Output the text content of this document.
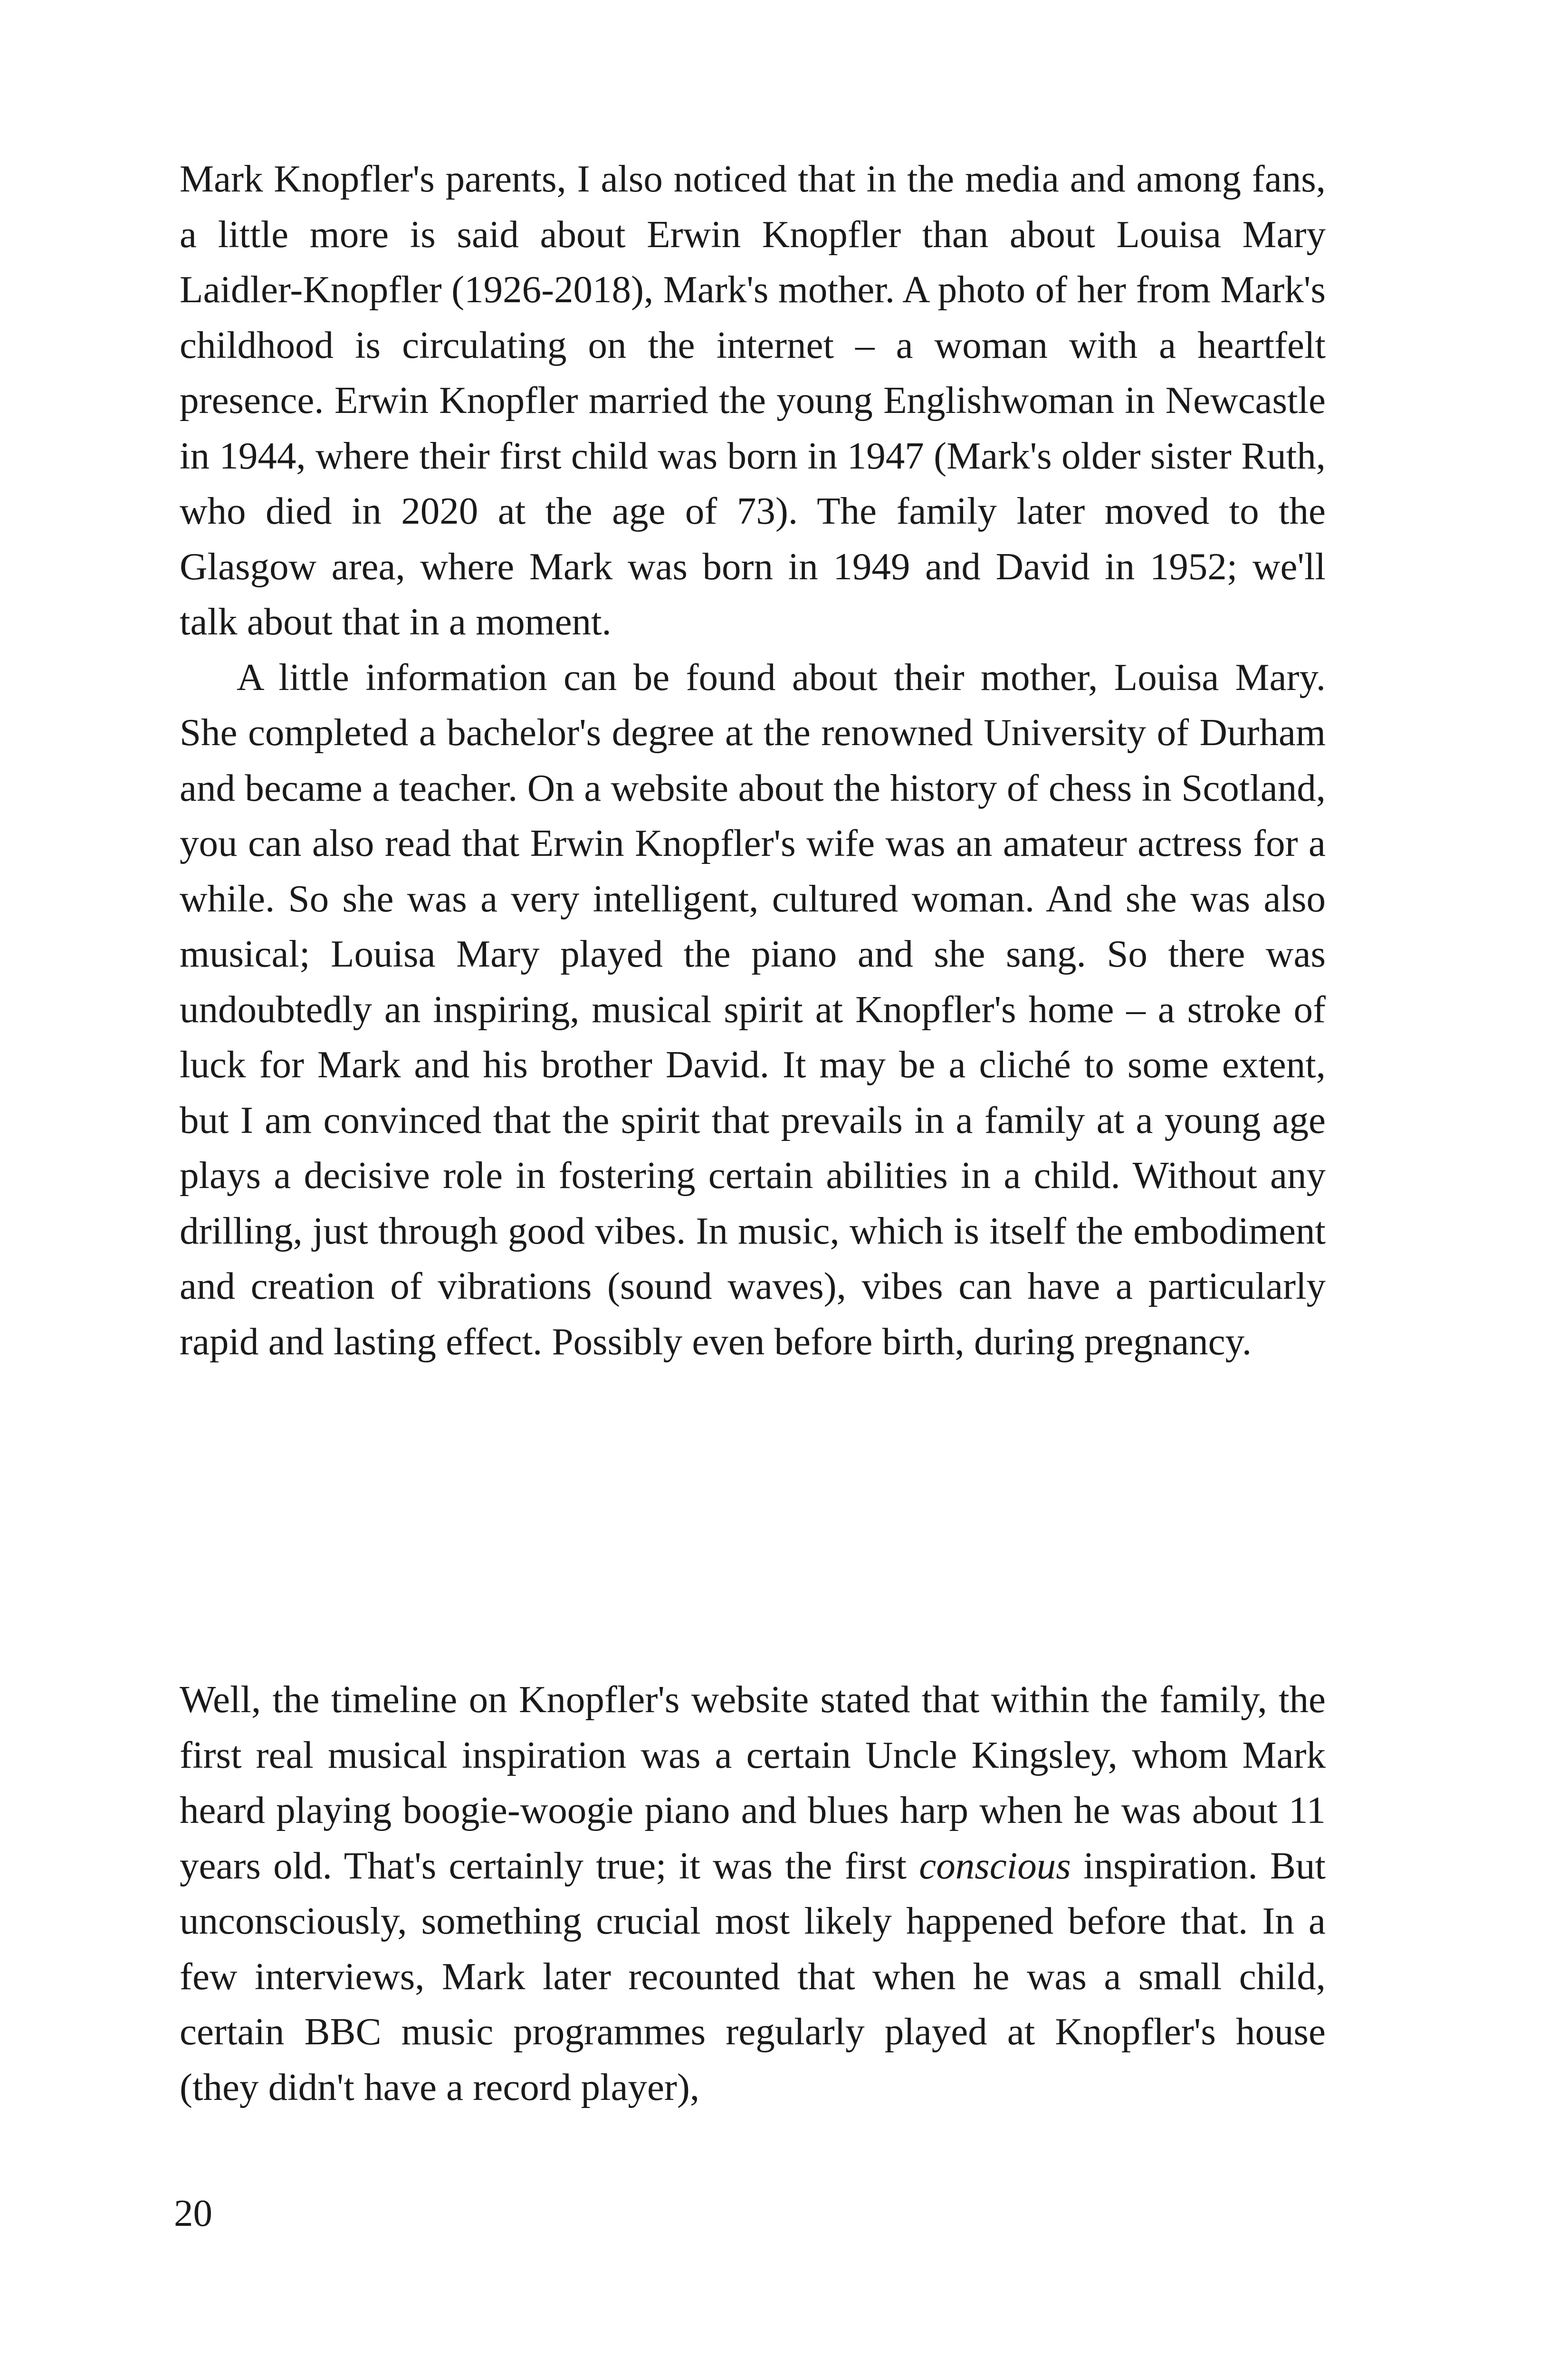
Mark Knopfler's parents, I also noticed that in the media and among fans, a little more is said about Erwin Knopfler than about Louisa Mary Laidler-Knopfler (1926-2018), Mark's mother. A photo of her from Mark's childhood is circulating on the internet – a woman with a heartfelt presence. Erwin Knopfler married the young Englishwoman in Newcastle in 1944, where their first child was born in 1947 (Mark's older sister Ruth, who died in 2020 at the age of 73). The family later moved to the Glasgow area, where Mark was born in 1949 and David in 1952; we'll talk about that in a moment.

A little information can be found about their mother, Louisa Mary. She completed a bachelor's degree at the renowned University of Durham and became a teacher. On a website about the history of chess in Scotland, you can also read that Erwin Knopfler's wife was an amateur actress for a while. So she was a very intelligent, cultured woman. And she was also musical; Louisa Mary played the piano and she sang. So there was undoubtedly an inspiring, musical spirit at Knopfler's home – a stroke of luck for Mark and his brother David. It may be a cliché to some extent, but I am convinced that the spirit that prevails in a family at a young age plays a decisive role in fostering certain abilities in a child. Without any drilling, just through good vibes. In music, which is itself the embodiment and creation of vibrations (sound waves), vibes can have a particularly rapid and lasting effect. Possibly even before birth, during pregnancy.

Well, the timeline on Knopfler's website stated that within the family, the first real musical inspiration was a certain Uncle Kingsley, whom Mark heard playing boogie-woogie piano and blues harp when he was about 11 years old. That's certainly true; it was the first conscious inspiration. But unconsciously, something crucial most likely happened before that. In a few interviews, Mark later recounted that when he was a small child, certain BBC music programmes regularly played at Knopfler's house (they didn't have a record player),

20
